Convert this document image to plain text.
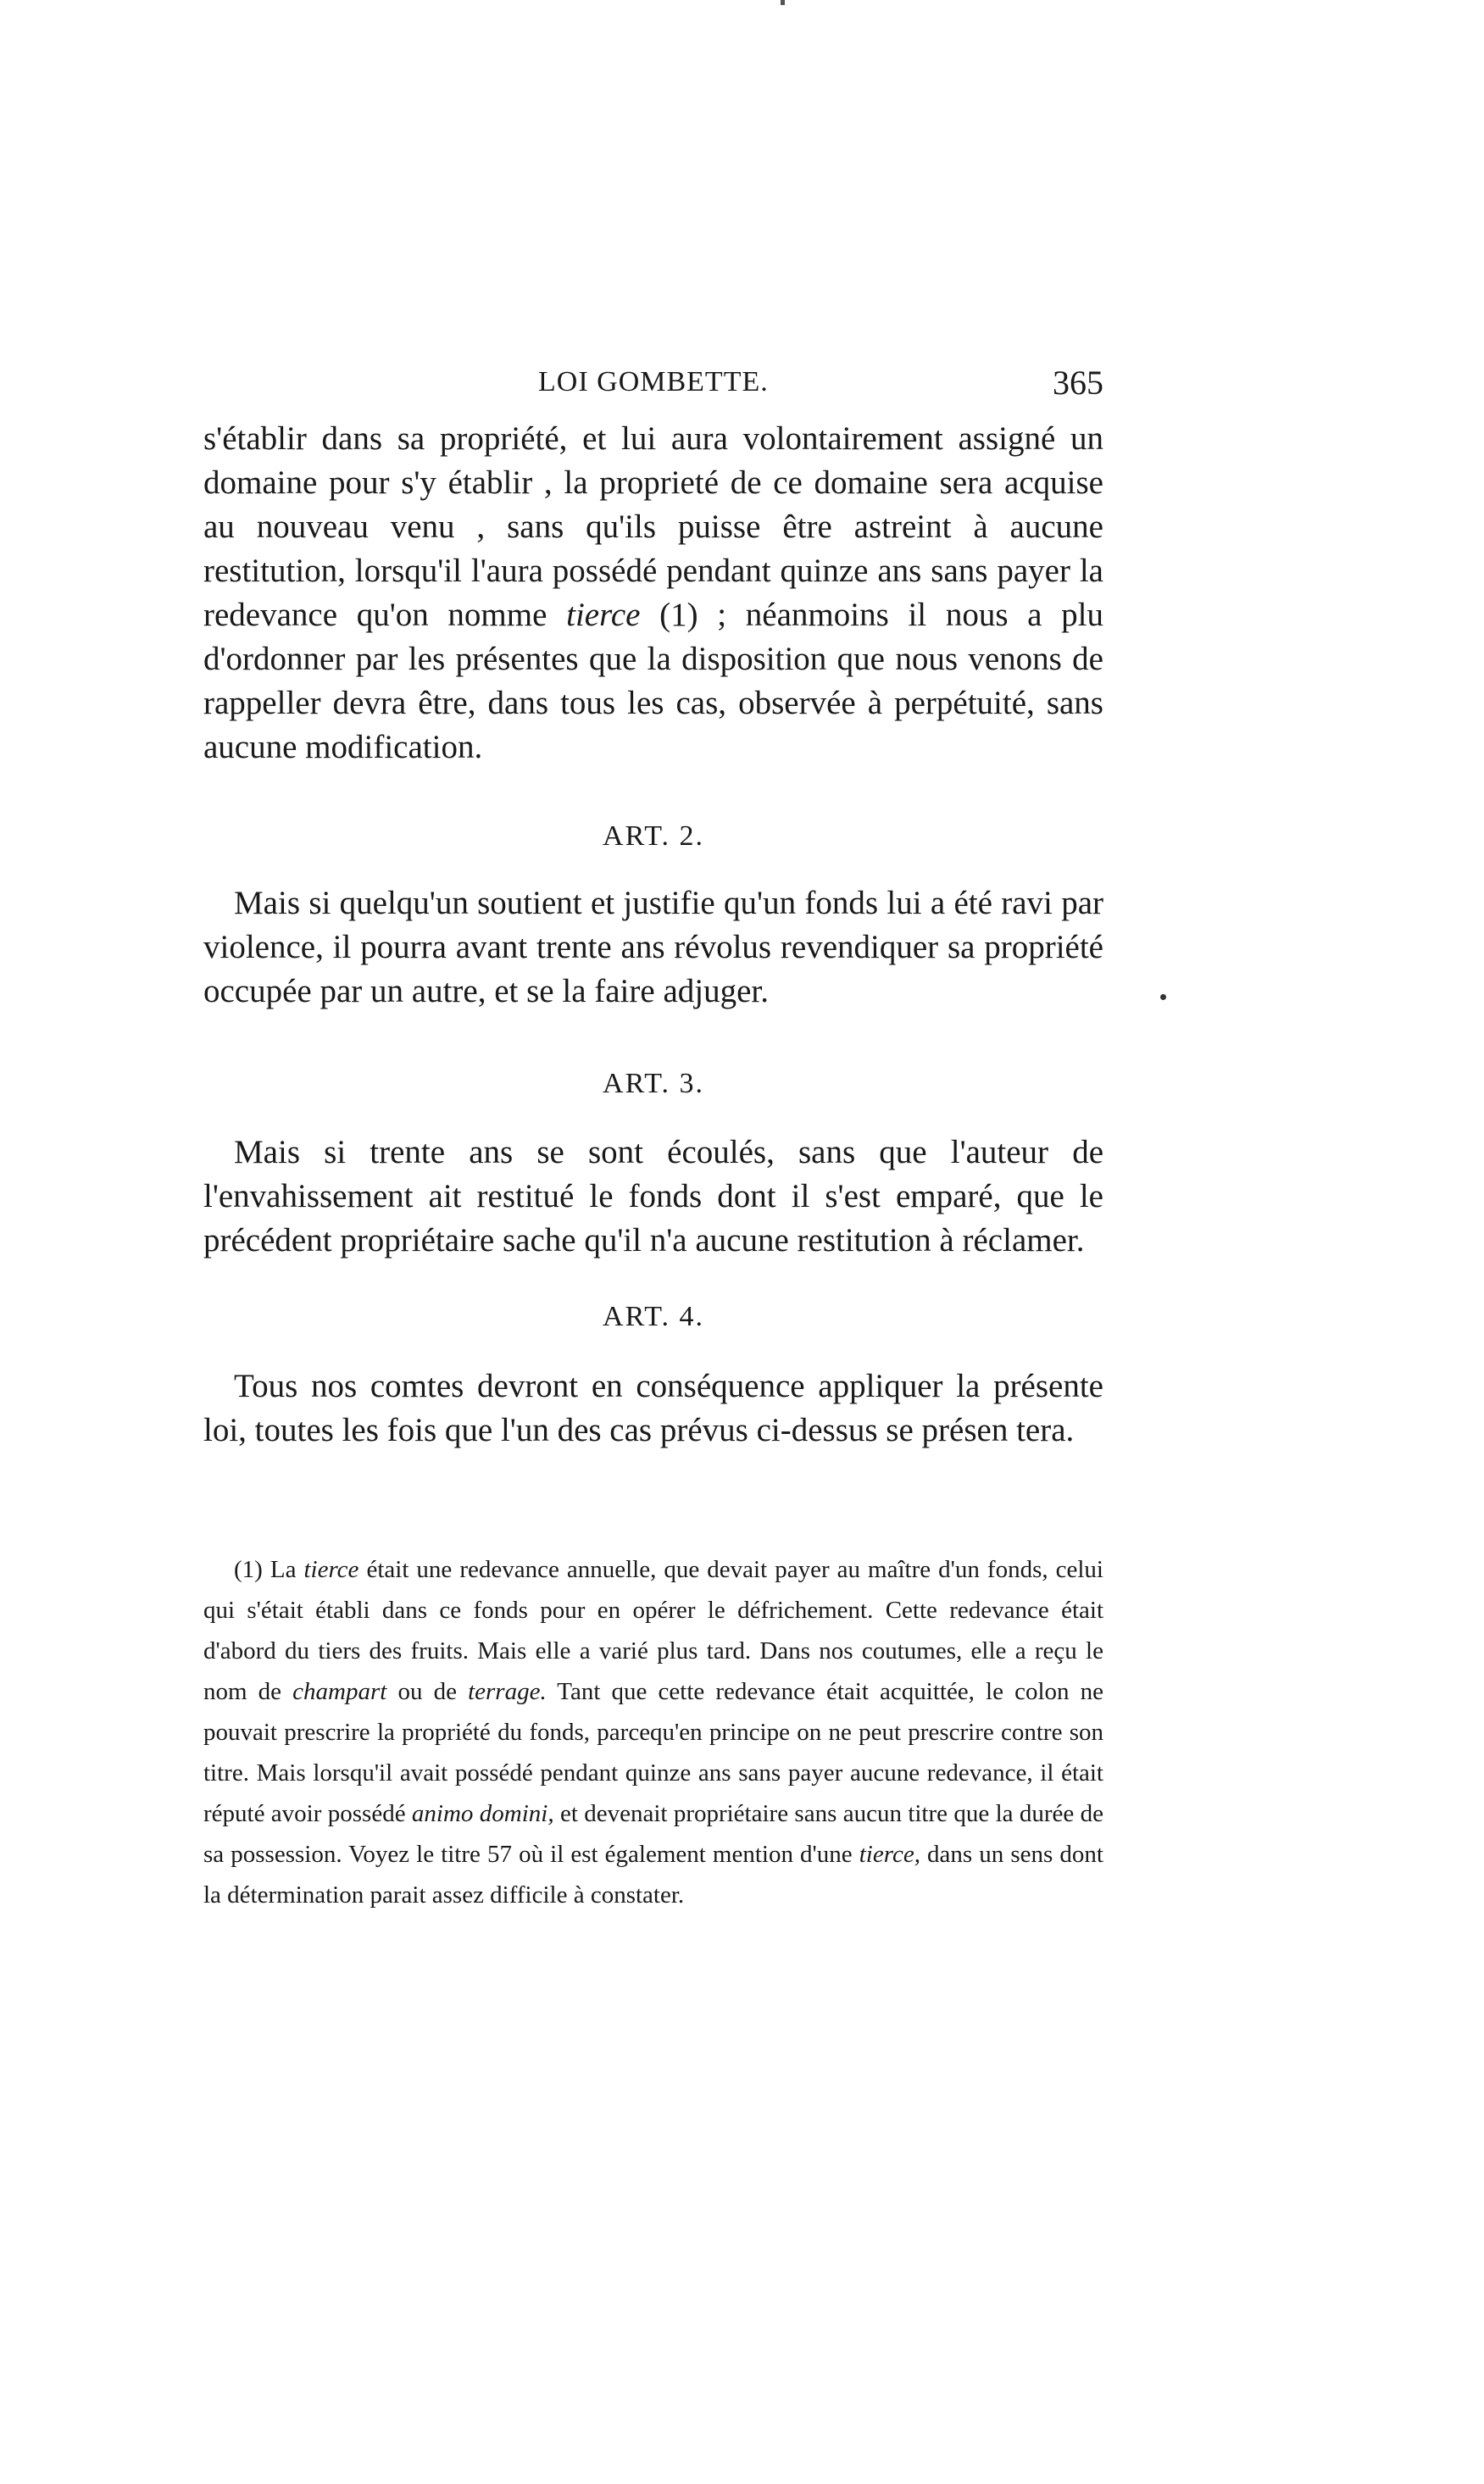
LOI GOMBETTE.	365

s'établir dans sa propriété, et lui aura volontairement assigné un domaine pour s'y établir , la proprieté de ce domaine sera acquise au nouveau venu , sans qu'ils puisse être astreint à aucune restitution, lorsqu'il l'aura possédé pendant quinze ans sans payer la redevance qu'on nomme tierce (1) ; néanmoins il nous a plu d'ordonner par les présentes que la disposition que nous venons de rappeller devra être, dans tous les cas, observée à perpétuité, sans aucune modification.

ART. 2.

Mais si quelqu'un soutient et justifie qu'un fonds lui a été ravi par violence, il pourra avant trente ans révolus revendiquer sa propriété occupée par un autre, et se la faire adjuger.

ART. 3.

Mais si trente ans se sont écoulés, sans que l'auteur de l'envahissement ait restitué le fonds dont il s'est emparé, que le précédent propriétaire sache qu'il n'a aucune restitution à réclamer.

ART. 4.

Tous nos comtes devront en conséquence appliquer la présente loi, toutes les fois que l'un des cas prévus ci-dessus se présen tera.

(1) La tierce était une redevance annuelle, que devait payer au maître d'un fonds, celui qui s'était établi dans ce fonds pour en opérer le défrichement. Cette redevance était d'abord du tiers des fruits. Mais elle a varié plus tard. Dans nos coutumes, elle a reçu le nom de champart ou de terrage. Tant que cette redevance était acquittée, le colon ne pouvait prescrire la propriété du fonds, parcequ'en principe on ne peut prescrire contre son titre. Mais lorsqu'il avait possédé pendant quinze ans sans payer aucune redevance, il était réputé avoir possédé animo domini, et devenait propriétaire sans aucun titre que la durée de sa possession. Voyez le titre 57 où il est également mention d'une tierce, dans un sens dont la détermination parait assez difficile à constater.
